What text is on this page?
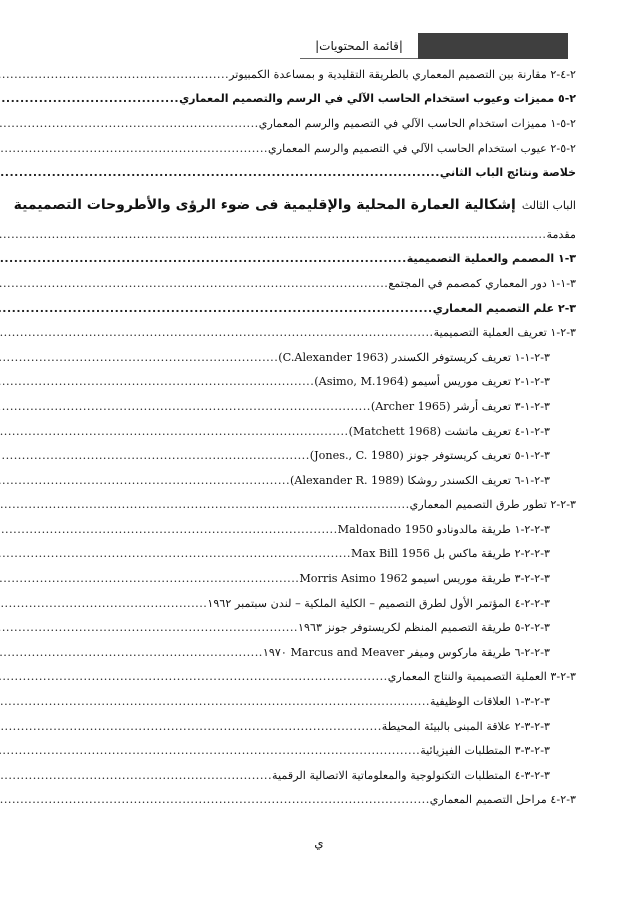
|قائمة المحتويات|
٢-٤-٢ مقارنة بين التصميم المعماري بالطريقة التقليدية و بمساعدة الكمبيوتر
.....
٢-٥ مميزات وعيوب استخدام الحاسب الآلي في الرسم والتصميم المعماري
.....
٢-٥-١ مميزات استخدام الحاسب الآلي في التصميم والرسم المعماري
.....
٢-٥-٢ عيوب استخدام الحاسب الآلي في التصميم والرسم المعماري
.....
خلاصة ونتائج الباب الثاني
.....
الباب الثالث
إشكالية العمارة المحلية والإقليمية فى ضوء الرؤى والأطروحات التصميمية
مقدمة
.....
٣-١ المصمم والعملية التصميمية
.....
٣-١-١ دور المعماري كمصمم في المجتمع
.....
٣-٢ علم التصميم المعماري
.....
٣-٢-١ تعريف العملية التصميمية
.....
٣-٢-١-١ تعريف كريستوفر الكسندر (C.Alexander 1963)
.....
٣-٢-١-٢ تعريف موريس أسيمو (Asimo, M.1964)
.....
٣-٢-١-٣ تعريف أرشر (Archer 1965)
.....
٣-٢-١-٤ تعريف ماتشت (Matchett 1968)
.....
٣-٢-١-٥ تعريف كريستوفر جونز (Jones., C. 1980)
.....
٣-٢-١-٦ تعريف الكسندر روشكا (Alexander R. 1989)
.....
٣-٢-٢ تطور طرق التصميم المعماري
.....
٣-٢-٢-١ طريقة مالدونادو Maldonado 1950
.....
٣-٢-٢-٢ طريقة ماكس بل Max Bill 1956
.....
٣-٢-٢-٣ طريقة موريس اسيمو Morris Asimo 1962
.....
٣-٢-٢-٤ المؤتمر الأول لطرق التصميم – الكلية الملكية – لندن سبتمبر ١٩٦٢
.....
٣-٢-٢-٥ طريقة التصميم المنظم لكريستوفر جونز ١٩٦٣
.....
٣-٢-٢-٦ طريقة ماركوس وميفر Marcus and Meaver ١٩٧٠
.....
٣-٢-٣ العملية التصميمية والنتاج المعماري
.....
٣-٢-٣-١ العلاقات الوظيفية
.....
٣-٢-٣-٢ علاقة المبنى بالبيئة المحيطة
.....
٣-٢-٣-٣ المتطلبات الفيزيائية
.....
٣-٢-٣-٤ المتطلبات التكنولوجية والمعلوماتية الاتصالية الرقمية
.....
٣-٢-٤ مراحل التصميم المعماري
.....
ي
